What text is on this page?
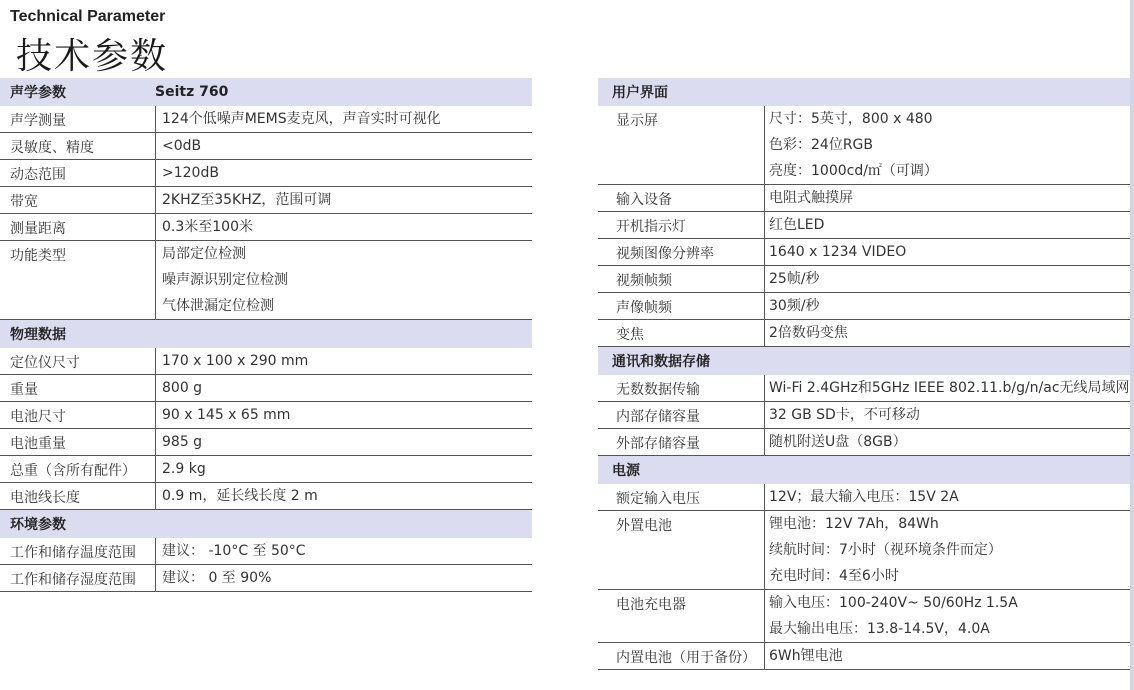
Technical Parameter
技术参数
声学参数	Seitz 760
声学测量	124个低噪声MEMS麦克风，声音实时可视化
灵敏度、精度	<0dB
动态范围	>120dB
带宽	2KHZ至35KHZ，范围可调
测量距离	0.3米至100米
功能类型	局部定位检测
噪声源识别定位检测
气体泄漏定位检测
物理数据
定位仪尺寸	170 x 100 x 290 mm
重量	800 g
电池尺寸	90 x 145 x 65 mm
电池重量	985 g
总重（含所有配件）	2.9 kg
电池线长度	0.9 m，延长线长度 2 m
环境参数
工作和储存温度范围	建议： -10°C 至 50°C
工作和储存湿度范围	建议： 0 至 90%
用户界面
显示屏	尺寸：5英寸，800 x 480
色彩：24位RGB
亮度：1000cd/㎡（可调）
输入设备	电阻式触摸屏
开机指示灯	红色LED
视频图像分辨率	1640 x 1234 VIDEO
视频帧频	25帧/秒
声像帧频	30频/秒
变焦	2倍数码变焦
通讯和数据存储
无数数据传输	Wi-Fi 2.4GHz和5GHz IEEE 802.11.b/g/n/ac无线局域网
内部存储容量	32 GB SD卡，不可移动
外部存储容量	随机附送U盘（8GB）
电源
额定输入电压	12V；最大输入电压：15V 2A
外置电池	锂电池：12V 7Ah，84Wh
续航时间：7小时（视环境条件而定）
充电时间：4至6小时
电池充电器	输入电压：100-240V~ 50/60Hz 1.5A
最大输出电压：13.8-14.5V，4.0A
内置电池（用于备份） 6Wh锂电池
